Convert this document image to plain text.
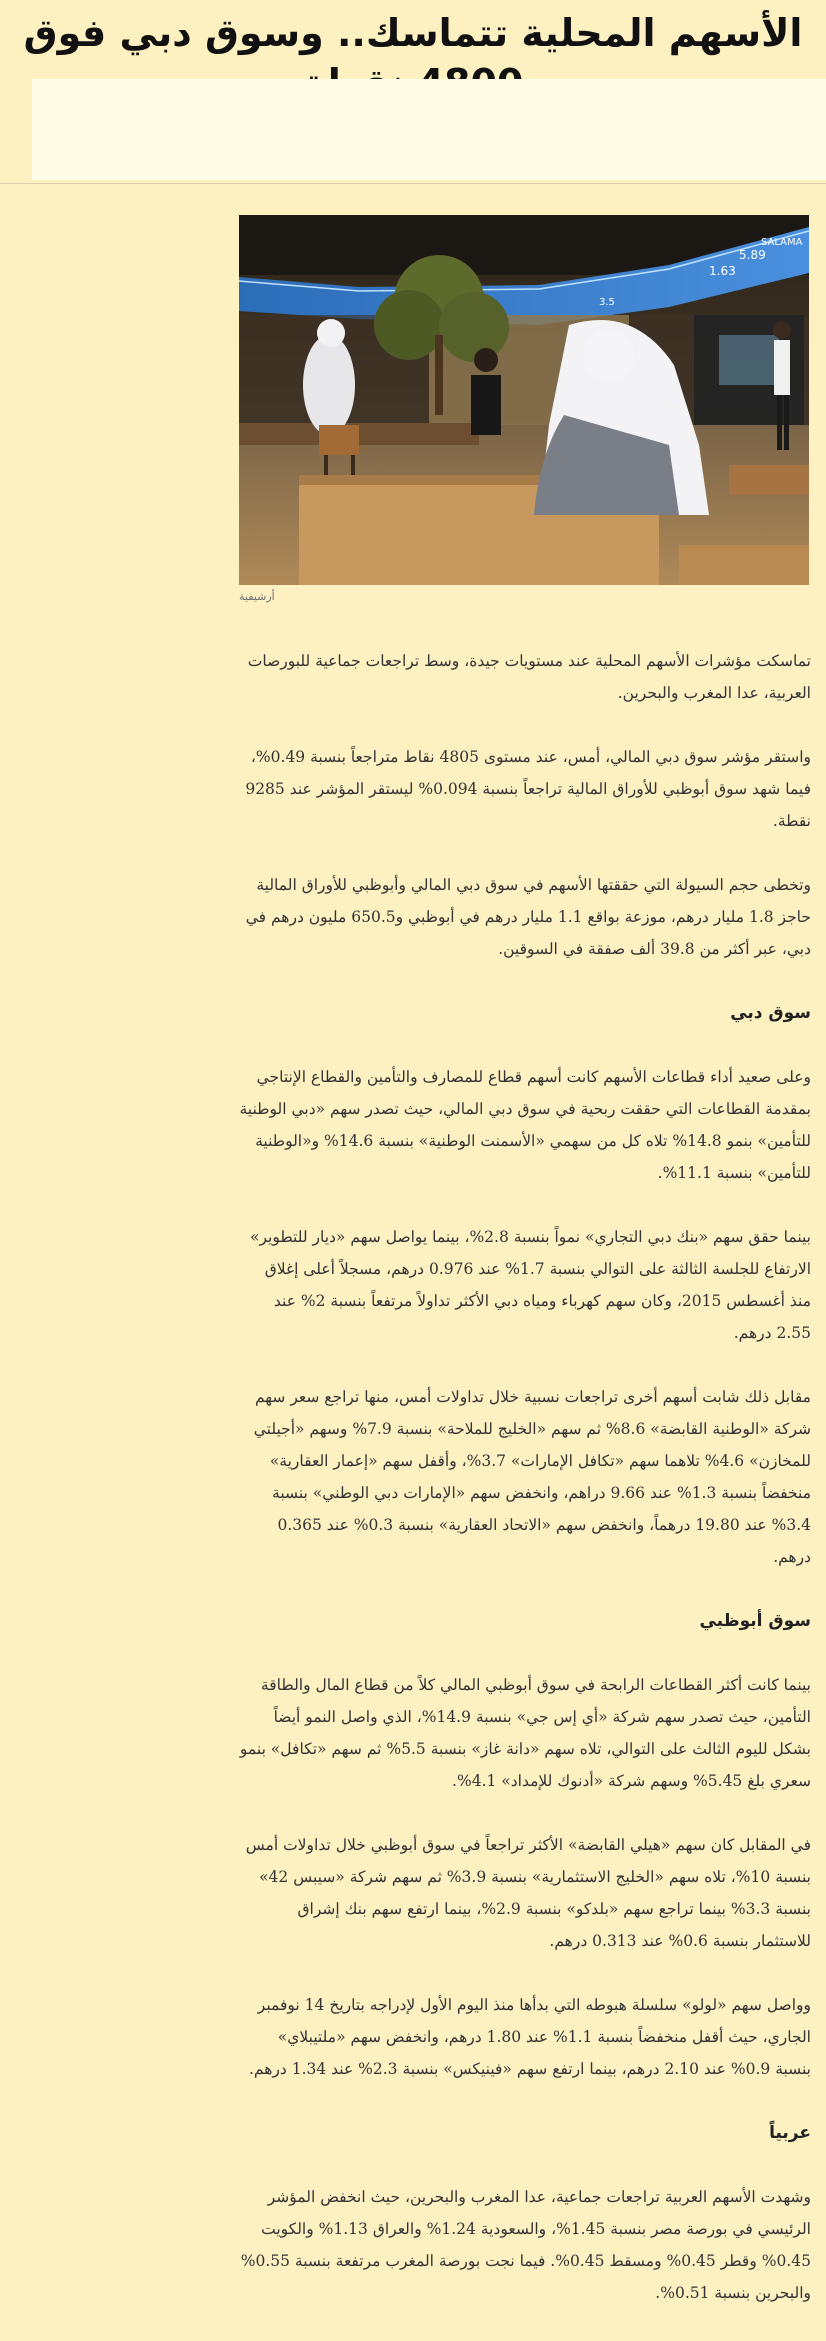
الأسهم المحلية تتماسك.. وسوق دبي فوق
1.63
5.89
SALAMA
3.5
أرشيفية

تماسكت مؤشرات الأسهم المحلية عند مستويات جيدة، وسط تراجعات جماعية للبورصات العربية، عدا المغرب والبحرين.

واستقر مؤشر سوق دبي المالي، أمس، عند مستوى 4805 نقاط متراجعاً بنسبة 0.49%، فيما شهد سوق أبوظبي للأوراق المالية تراجعاً بنسبة 0.094% ليستقر المؤشر عند 9285 نقطة.

وتخطى حجم السيولة التي حققتها الأسهم في سوق دبي المالي وأبوظبي للأوراق المالية حاجز 1.8 مليار درهم، موزعة بواقع 1.1 مليار درهم في أبوظبي و650.5 مليون درهم في دبي، عبر أكثر من 39.8 ألف صفقة في السوقين.

سوق دبي

وعلى صعيد أداء قطاعات الأسهم كانت أسهم قطاع للمصارف والتأمين والقطاع الإنتاجي بمقدمة القطاعات التي حققت ربحية في سوق دبي المالي، حيث تصدر سهم «دبي الوطنية للتأمين» بنمو 14.8% تلاه كل من سهمي «الأسمنت الوطنية» بنسبة 14.6% و«الوطنية للتأمين» بنسبة 11.1%.

بينما حقق سهم «بنك دبي التجاري» نمواً بنسبة 2.8%، بينما يواصل سهم «ديار للتطوير» الارتفاع للجلسة الثالثة على التوالي بنسبة 1.7% عند 0.976 درهم، مسجلاً أعلى إغلاق منذ أغسطس 2015، وكان سهم كهرباء ومياه دبي الأكثر تداولاً مرتفعاً بنسبة 2% عند 2.55 درهم.

مقابل ذلك شابت أسهم أخرى تراجعات نسبية خلال تداولات أمس، منها تراجع سعر سهم شركة «الوطنية القابضة» 8.6% ثم سهم «الخليج للملاحة» بنسبة 7.9% وسهم «أجيلتي للمخازن» 4.6% تلاهما سهم «تكافل الإمارات» 3.7%، وأقفل سهم «إعمار العقارية» منخفضاً بنسبة 1.3% عند 9.66 دراهم، وانخفض سهم «الإمارات دبي الوطني» بنسبة 3.4% عند 19.80 درهماً، وانخفض سهم «الاتحاد العقارية» بنسبة 0.3% عند 0.365 درهم.

سوق أبوظبي

بينما كانت أكثر القطاعات الرابحة في سوق أبوظبي المالي كلاً من قطاع المال والطاقة التأمين، حيث تصدر سهم شركة «أي إس جي» بنسبة 14.9%، الذي واصل النمو أيضاً بشكل لليوم الثالث على التوالي، تلاه سهم «دانة غاز» بنسبة 5.5% ثم سهم «تكافل» بنمو سعري بلغ 5.45% وسهم شركة «أدنوك للإمداد» 4.1%.

في المقابل كان سهم «هيلي القابضة» الأكثر تراجعاً في سوق أبوظبي خلال تداولات أمس بنسبة 10%، تلاه سهم «الخليج الاستثمارية» بنسبة 3.9% ثم سهم شركة «سيبس 42» بنسبة 3.3% بينما تراجع سهم «بلدكو» بنسبة 2.9%، بينما ارتفع سهم بنك إشراق للاستثمار بنسبة 0.6% عند 0.313 درهم.

وواصل سهم «لولو» سلسلة هبوطه التي بدأها منذ اليوم الأول لإدراجه بتاريخ 14 نوفمبر الجاري، حيث أقفل منخفضاً بنسبة 1.1% عند 1.80 درهم، وانخفض سهم «ملتيبلاي» بنسبة 0.9% عند 2.10 درهم، بينما ارتفع سهم «فينيكس» بنسبة 2.3% عند 1.34 درهم.

عربياً

وشهدت الأسهم العربية تراجعات جماعية، عدا المغرب والبحرين، حيث انخفض المؤشر الرئيسي في بورصة مصر بنسبة 1.45%، والسعودية 1.24% والعراق 1.13% والكويت 0.45% وقطر 0.45% ومسقط 0.45%. فيما نجت بورصة المغرب مرتفعة بنسبة 0.55% والبحرين بنسبة 0.51%.
